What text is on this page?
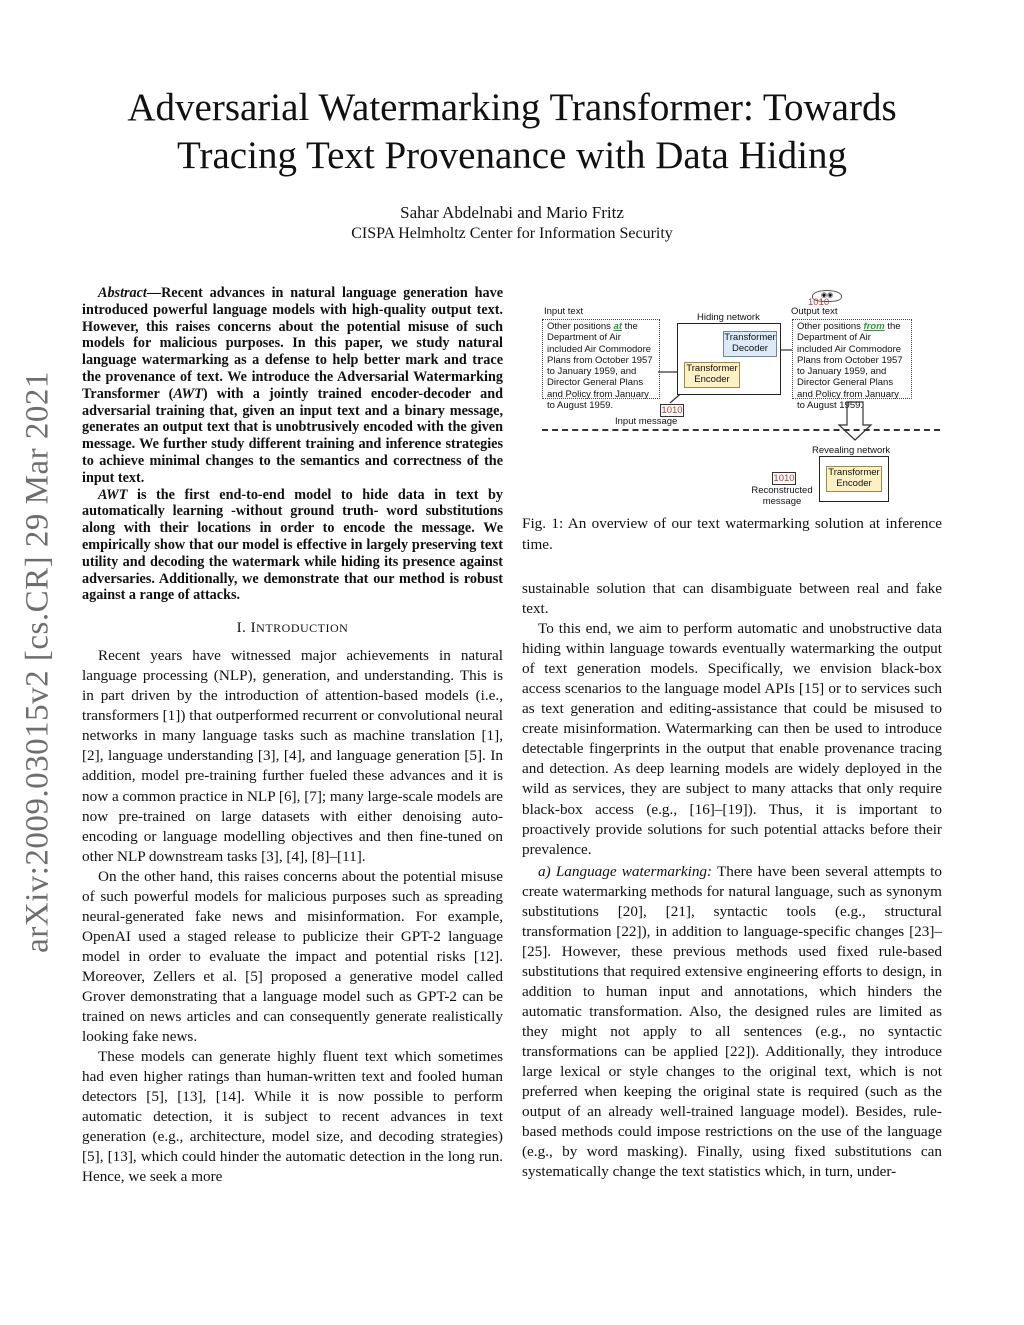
arXiv:2009.03015v2 [cs.CR] 29 Mar 2021
Adversarial Watermarking Transformer: Towards
Tracing Text Provenance with Data Hiding
Sahar Abdelnabi and Mario Fritz
CISPA Helmholtz Center for Information Security

Abstract—Recent advances in natural language generation have introduced powerful language models with high-quality output text. However, this raises concerns about the potential misuse of such models for malicious purposes. In this paper, we study natural language watermarking as a defense to help better mark and trace the provenance of text. We introduce the Adversarial Watermarking Transformer (AWT) with a jointly trained encoder-decoder and adversarial training that, given an input text and a binary message, generates an output text that is unobtrusively encoded with the given message. We further study different training and inference strategies to achieve minimal changes to the semantics and correctness of the input text.

AWT is the first end-to-end model to hide data in text by automatically learning -without ground truth- word substitutions along with their locations in order to encode the message. We empirically show that our model is effective in largely preserving text utility and decoding the watermark while hiding its presence against adversaries. Additionally, we demonstrate that our method is robust against a range of attacks.

I. INTRODUCTION

Recent years have witnessed major achievements in natural language processing (NLP), generation, and understanding. This is in part driven by the introduction of attention-based models (i.e., transformers [1]) that outperformed recurrent or convolutional neural networks in many language tasks such as machine translation [1], [2], language understanding [3], [4], and language generation [5]. In addition, model pre-training further fueled these advances and it is now a common practice in NLP [6], [7]; many large-scale models are now pre-trained on large datasets with either denoising auto-encoding or language modelling objectives and then fine-tuned on other NLP downstream tasks [3], [4], [8]–[11].

On the other hand, this raises concerns about the potential misuse of such powerful models for malicious purposes such as spreading neural-generated fake news and misinformation. For example, OpenAI used a staged release to publicize their GPT-2 language model in order to evaluate the impact and potential risks [12]. Moreover, Zellers et al. [5] proposed a generative model called Grover demonstrating that a language model such as GPT-2 can be trained on news articles and can consequently generate realistically looking fake news.

These models can generate highly fluent text which sometimes had even higher ratings than human-written text and fooled human detectors [5], [13], [14]. While it is now possible to perform automatic detection, it is subject to recent advances in text generation (e.g., architecture, model size, and decoding strategies) [5], [13], which could hinder the automatic detection in the long run. Hence, we seek a more

Input text
Other positions at the Department of Air included Air Commodore Plans from October 1957 to January 1959, and Director General Plans and Policy from January to August 1959.
Hiding network
Transformer Decoder
Transformer Encoder
1010
Input message
◉◉
1010
Output text
Other positions from the Department of Air included Air Commodore Plans from October 1957 to January 1959, and Director General Plans and Policy from January to August 1959.
Revealing network
Transformer Encoder
1010
Reconstructed message
Fig. 1: An overview of our text watermarking solution at inference time.

sustainable solution that can disambiguate between real and fake text.

To this end, we aim to perform automatic and unobstructive data hiding within language towards eventually watermarking the output of text generation models. Specifically, we envision black-box access scenarios to the language model APIs [15] or to services such as text generation and editing-assistance that could be misused to create misinformation. Watermarking can then be used to introduce detectable fingerprints in the output that enable provenance tracing and detection. As deep learning models are widely deployed in the wild as services, they are subject to many attacks that only require black-box access (e.g., [16]–[19]). Thus, it is important to proactively provide solutions for such potential attacks before their prevalence.

a) Language watermarking: There have been several attempts to create watermarking methods for natural language, such as synonym substitutions [20], [21], syntactic tools (e.g., structural transformation [22]), in addition to language-specific changes [23]–[25]. However, these previous methods used fixed rule-based substitutions that required extensive engineering efforts to design, in addition to human input and annotations, which hinders the automatic transformation. Also, the designed rules are limited as they might not apply to all sentences (e.g., no syntactic transformations can be applied [22]). Additionally, they introduce large lexical or style changes to the original text, which is not preferred when keeping the original state is required (such as the output of an already well-trained language model). Besides, rule-based methods could impose restrictions on the use of the language (e.g., by word masking). Finally, using fixed substitutions can systematically change the text statistics which, in turn, under-
